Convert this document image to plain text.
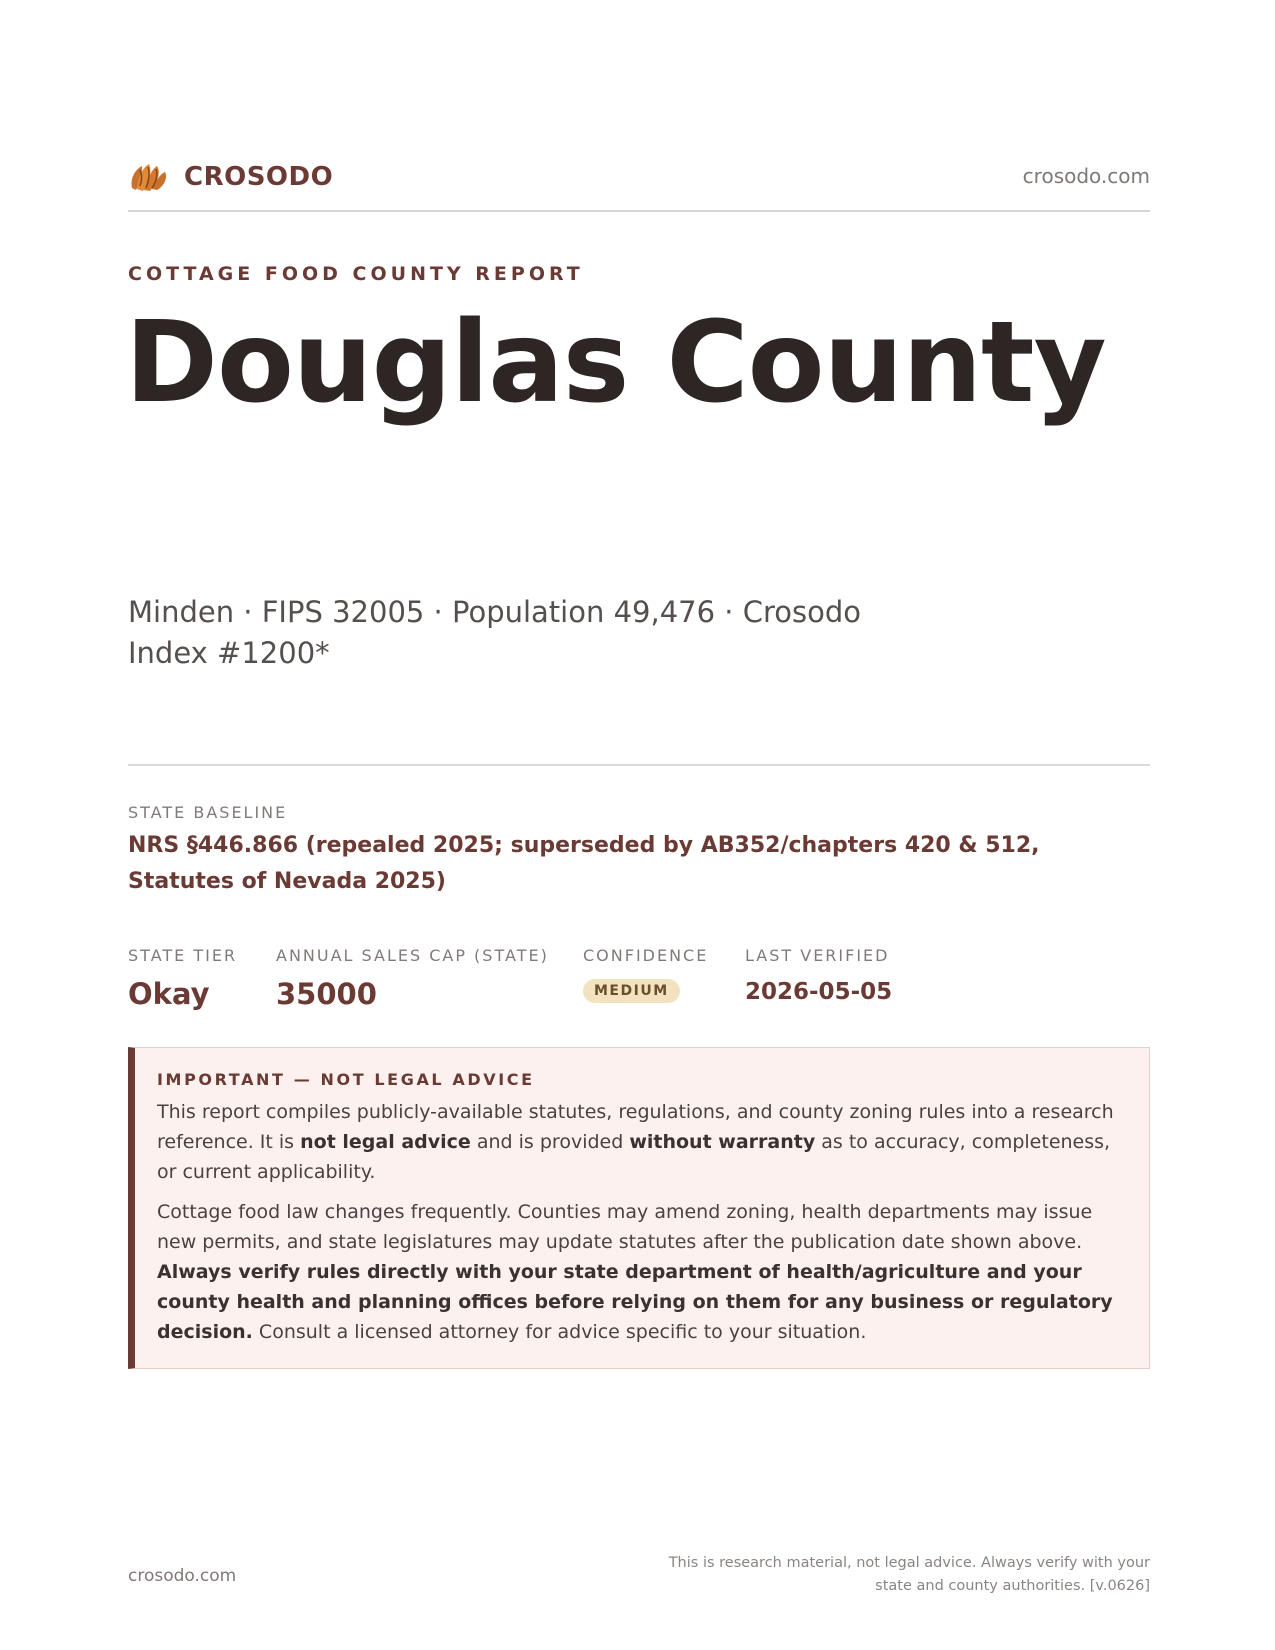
CROSODO	crosodo.com
COTTAGE FOOD COUNTY REPORT
Douglas County
Minden · FIPS 32005 · Population 49,476 · Crosodo Index #1200*
STATE BASELINE
NRS §446.866 (repealed 2025; superseded by AB352/chapters 420 & 512, Statutes of Nevada 2025)
STATE TIER
Okay
ANNUAL SALES CAP (STATE)
35000
CONFIDENCE
MEDIUM
LAST VERIFIED
2026-05-05
IMPORTANT — NOT LEGAL ADVICE

This report compiles publicly-available statutes, regulations, and county zoning rules into a research reference. It is not legal advice and is provided without warranty as to accuracy, completeness, or current applicability.

Cottage food law changes frequently. Counties may amend zoning, health departments may issue new permits, and state legislatures may update statutes after the publication date shown above. Always verify rules directly with your state department of health/agriculture and your county health and planning offices before relying on them for any business or regulatory decision. Consult a licensed attorney for advice specific to your situation.

crosodo.com
This is research material, not legal advice. Always verify with your state and county authorities. [v.0626]
